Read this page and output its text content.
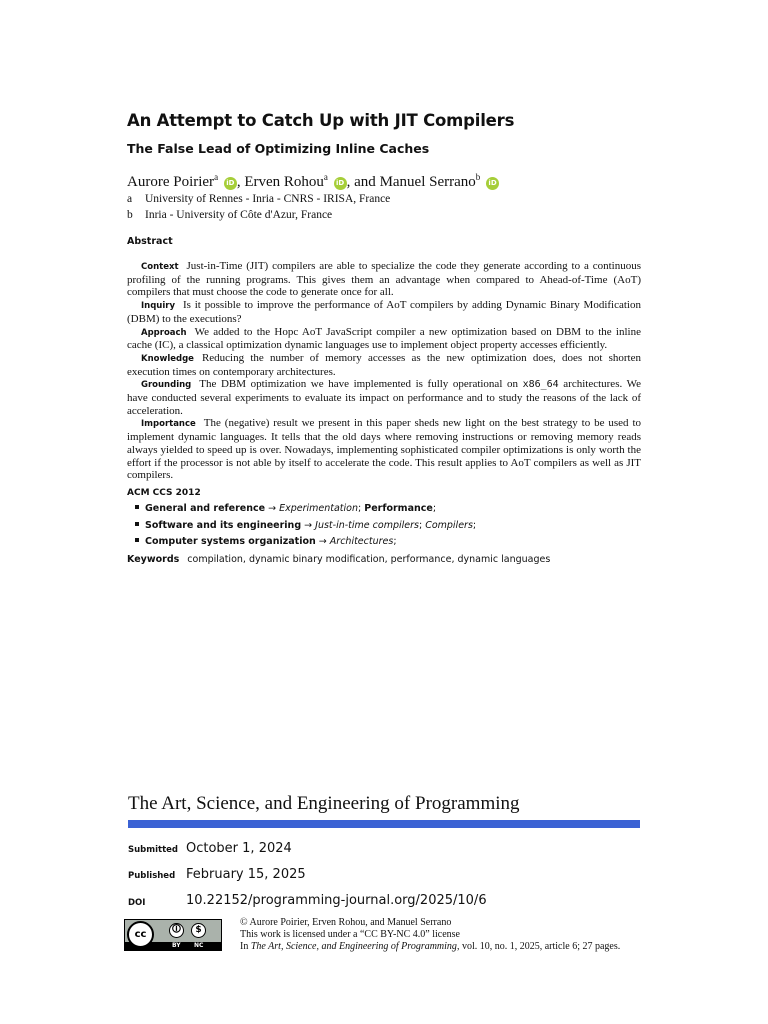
An Attempt to Catch Up with JIT Compilers
The False Lead of Optimizing Inline Caches
Aurore Poirier$^a$ iD , Erven Rohou$^a$ iD , and Manuel Serrano$^b$ iD
a University of Rennes - Inria - CNRS - IRISA, France
b Inria - University of Côte d'Azur, France
Abstract

Context Just-in-Time (JIT) compilers are able to specialize the code they generate according to a continuous profiling of the running programs. This gives them an advantage when compared to Ahead-of-Time (AoT) compilers that must choose the code to generate once for all.

Inquiry Is it possible to improve the performance of AoT compilers by adding Dynamic Binary Modification (DBM) to the executions?

Approach We added to the Hopc AoT JavaScript compiler a new optimization based on DBM to the inline cache (IC), a classical optimization dynamic languages use to implement object property accesses efficiently.

Knowledge Reducing the number of memory accesses as the new optimization does, does not shorten execution times on contemporary architectures.

Grounding The DBM optimization we have implemented is fully operational on x86_64 architectures. We have conducted several experiments to evaluate its impact on performance and to study the reasons of the lack of acceleration.

Importance The (negative) result we present in this paper sheds new light on the best strategy to be used to implement dynamic languages. It tells that the old days where removing instructions or removing memory reads always yielded to speed up is over. Nowadays, implementing sophisticated compiler optimizations is only worth the effort if the processor is not able by itself to accelerate the code. This result applies to AoT compilers as well as JIT compilers.

ACM CCS 2012
General and reference → Experimentation; Performance;
Software and its engineering → Just-in-time compilers; Compilers;
Computer systems organization → Architectures;
Keywords compilation, dynamic binary modification, performance, dynamic languages
The Art, Science, and Engineering of Programming
Submitted October 1, 2024
Published February 15, 2025
DOI	10.22152/programming-journal.org/2025/10/6
cc	🛈	$
BY NC
© Aurore Poirier, Erven Rohou, and Manuel Serrano
This work is licensed under a “CC BY-NC 4.0” license
In The Art, Science, and Engineering of Programming, vol. 10, no. 1, 2025, article 6; 27 pages.
